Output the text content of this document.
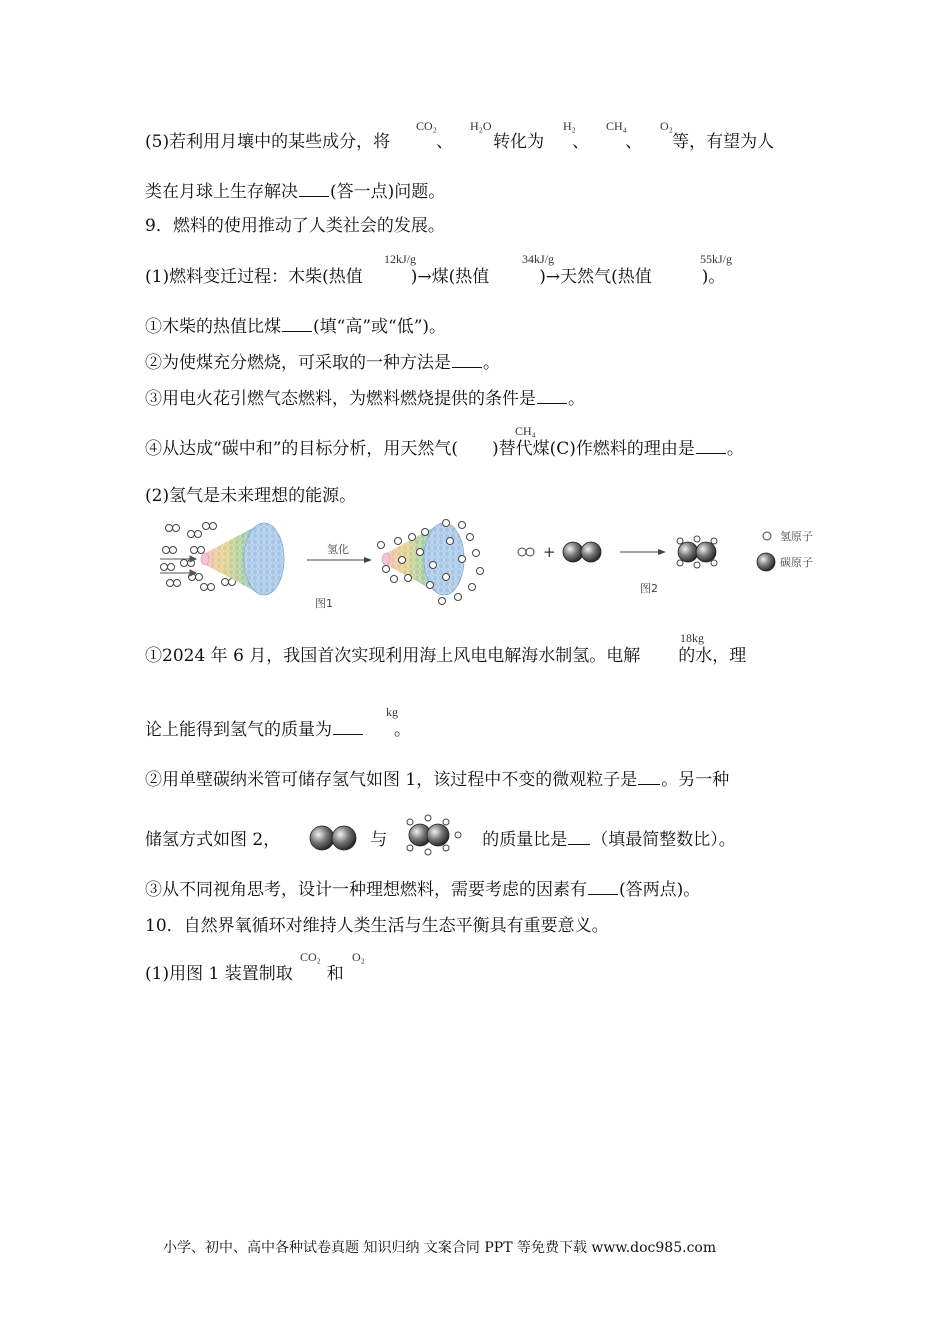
(5)若利用月壤中的某些成分，将	、 转化为 、 、 等，有望为人
CO₂	H₂O	H₂	CH₄	O₂
类在月球上生存解决 (答一点)问题。
9．燃料的使用推动了人类社会的发展。
(1)燃料变迁过程：木柴(热值	)→煤(热值	)→天然气(热值	)。
12kJ/g	34kJ/g	55kJ/g
①木柴的热值比煤 (填“高”或“低”)。
②为使煤充分燃烧，可采取的一种方法是 。
③用电火花引燃气态燃料，为燃料燃烧提供的条件是 。
④从达成“碳中和”的目标分析，用天然气( )替代煤(C)作燃料的理由是 。
CH₄
(2)氢气是未来理想的能源。
氢化
图1
+
图2
氢原子
碳原子
①2024 年 6 月，我国首次实现利用海上风电电解海水制氢。电解 的水，理
18kg
论上能得到氢气的质量为	。
kg
②用单壁碳纳米管可储存氢气如图 1，该过程中不变的微观粒子是 。另一种
储氢方式如图 2，	与	的质量比是 （填最简整数比）。
③从不同视角思考，设计一种理想燃料，需要考虑的因素有 (答两点)。
10．自然界氧循环对维持人类生活与生态平衡具有重要意义。
(1)用图 1 装置制取 和
CO₂	O₂
小学、初中、高中各种试卷真题 知识归纳 文案合同 PPT 等免费下载 www.doc985.com
